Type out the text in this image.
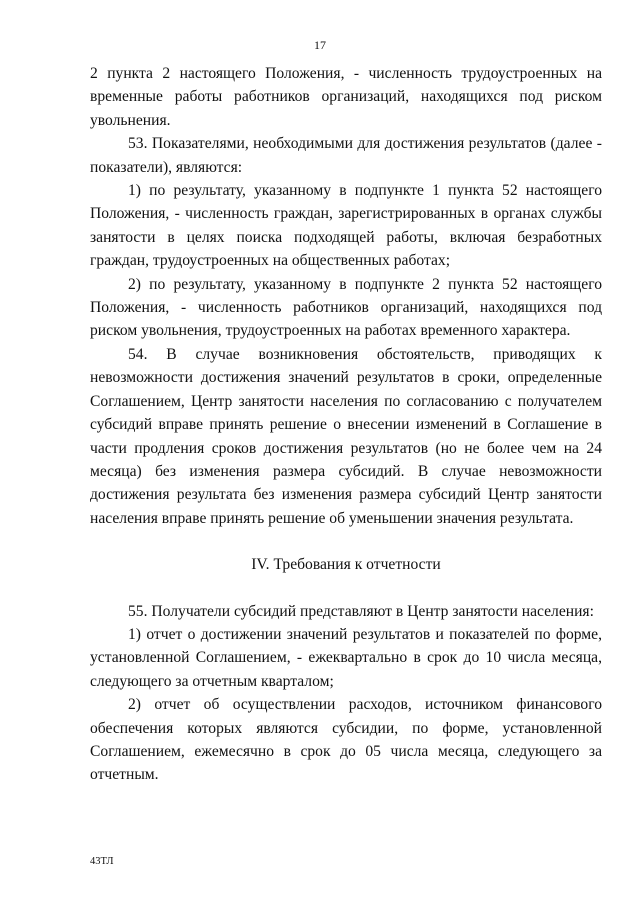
17

2 пункта 2 настоящего Положения, - численность трудоустроенных на временные работы работников организаций, находящихся под риском увольнения.

53. Показателями, необходимыми для достижения результатов (далее - показатели), являются:

1) по результату, указанному в подпункте 1 пункта 52 настоящего Положения, - численность граждан, зарегистрированных в органах службы занятости в целях поиска подходящей работы, включая безработных граждан, трудоустроенных на общественных работах;

2) по результату, указанному в подпункте 2 пункта 52 настоящего Положения, - численность работников организаций, находящихся под риском увольнения, трудоустроенных на работах временного характера.

54. В случае возникновения обстоятельств, приводящих к невозможности достижения значений результатов в сроки, определенные Соглашением, Центр занятости населения по согласованию с получателем субсидий вправе принять решение о внесении изменений в Соглашение в части продления сроков достижения результатов (но не более чем на 24 месяца) без изменения размера субсидий. В случае невозможности достижения результата без изменения размера субсидий Центр занятости населения вправе принять решение об уменьшении значения результата.

IV. Требования к отчетности

55. Получатели субсидий представляют в Центр занятости населения:

1) отчет о достижении значений результатов и показателей по форме, установленной Соглашением, - ежеквартально в срок до 10 числа месяца, следующего за отчетным кварталом;

2) отчет об осуществлении расходов, источником финансового обеспечения которых являются субсидии, по форме, установленной Соглашением, ежемесячно в срок до 05 числа месяца, следующего за отчетным.

43ТЛ
